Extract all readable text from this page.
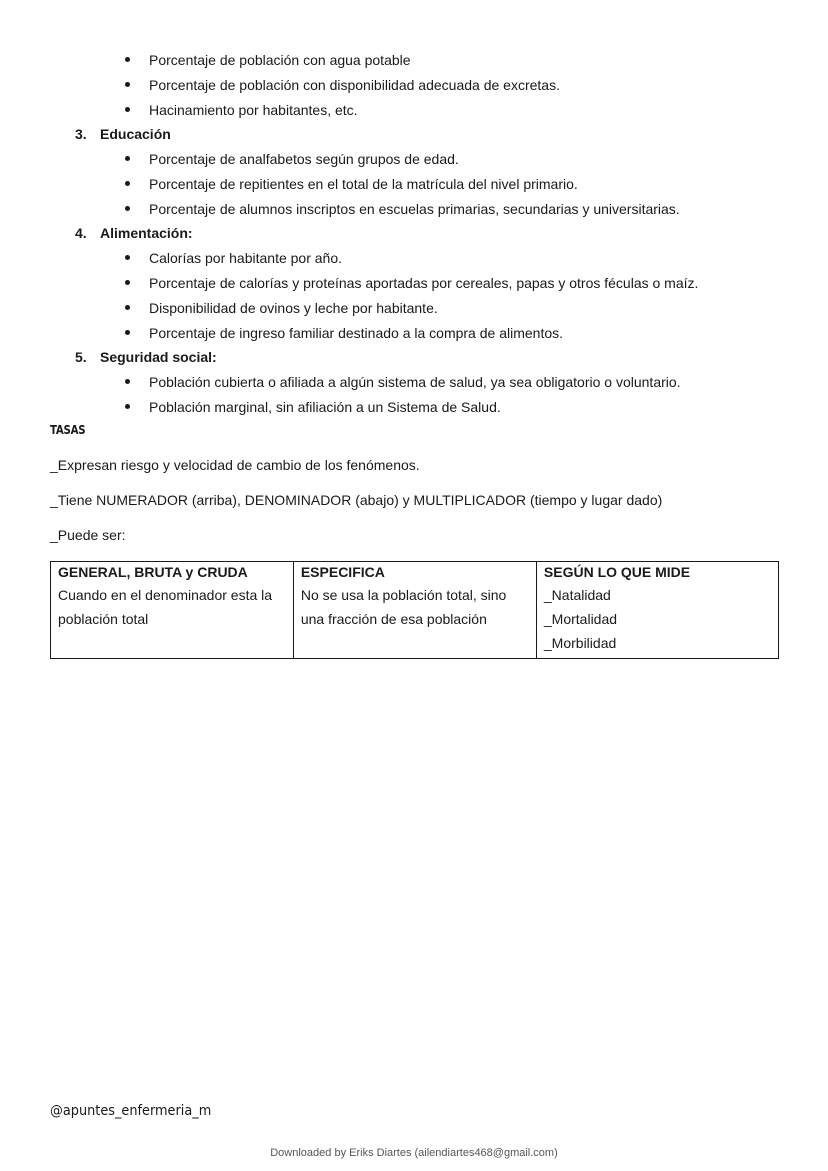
Porcentaje de población con agua potable
Porcentaje de población con disponibilidad adecuada de excretas.
Hacinamiento por habitantes, etc.
3. Educación
Porcentaje de analfabetos según grupos de edad.
Porcentaje de repitientes en el total de la matrícula del nivel primario.
Porcentaje de alumnos inscriptos en escuelas primarias, secundarias y universitarias.
4. Alimentación:
Calorías por habitante por año.
Porcentaje de calorías y proteínas aportadas por cereales, papas y otros féculas o maíz.
Disponibilidad de ovinos y leche por habitante.
Porcentaje de ingreso familiar destinado a la compra de alimentos.
5. Seguridad social:
Población cubierta o afiliada a algún sistema de salud, ya sea obligatorio o voluntario.
Población marginal, sin afiliación a un Sistema de Salud.
TASAS
_Expresan riesgo y velocidad de cambio de los fenómenos.
_Tiene NUMERADOR (arriba), DENOMINADOR (abajo) y MULTIPLICADOR (tiempo y lugar dado)
_Puede ser:
GENERAL, BRUTA y CRUDA	ESPECIFICA	SEGÚN LO QUE MIDE

Cuando en el denominador esta la
población total	No se usa la población total, sino
una fracción de esa población	_Natalidad
_Mortalidad
_Morbilidad
@apuntes_enfermeria_m
Downloaded by Eriks Diartes (ailendiartes468@gmail.com)
